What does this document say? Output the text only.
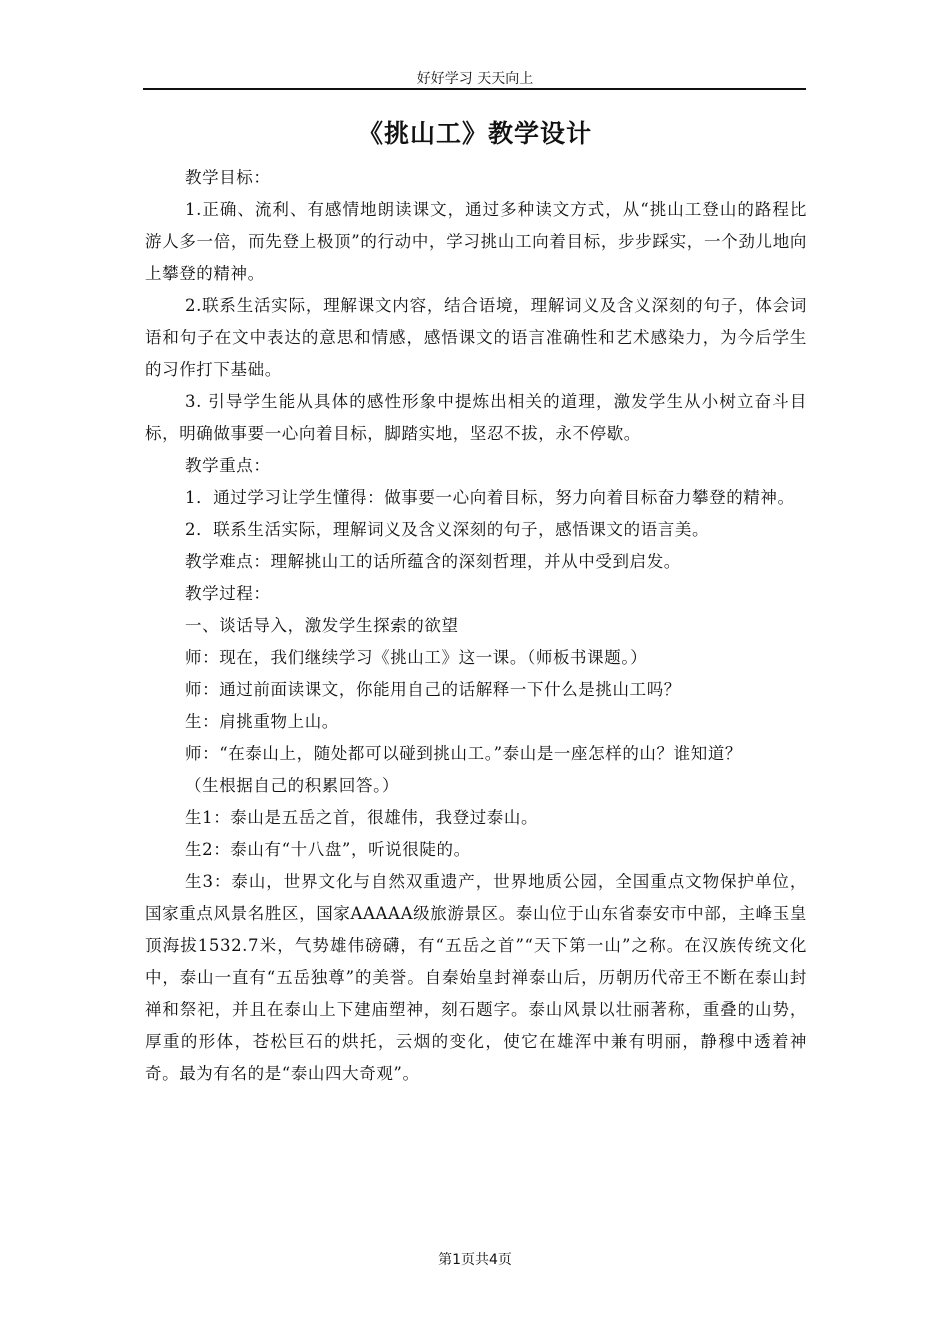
好好学习 天天向上
《挑山工》教学设计

教学目标：

1.正确、流利、有感情地朗读课文，通过多种读文方式，从“挑山工登山的路程比游人多一倍，而先登上极顶”的行动中，学习挑山工向着目标，步步踩实，一个劲儿地向上攀登的精神。

2.联系生活实际，理解课文内容，结合语境，理解词义及含义深刻的句子，体会词语和句子在文中表达的意思和情感，感悟课文的语言准确性和艺术感染力，为今后学生的习作打下基础。

3. 引导学生能从具体的感性形象中提炼出相关的道理，激发学生从小树立奋斗目标，明确做事要一心向着目标，脚踏实地，坚忍不拔，永不停歇。

教学重点：

1．通过学习让学生懂得：做事要一心向着目标，努力向着目标奋力攀登的精神。

2．联系生活实际，理解词义及含义深刻的句子，感悟课文的语言美。

教学难点：理解挑山工的话所蕴含的深刻哲理，并从中受到启发。

教学过程：

一、谈话导入，激发学生探索的欲望

师：现在，我们继续学习《挑山工》这一课。（师板书课题。）

师：通过前面读课文，你能用自己的话解释一下什么是挑山工吗？

生：肩挑重物上山。

师：“在泰山上，随处都可以碰到挑山工。”泰山是一座怎样的山？谁知道？

（生根据自己的积累回答。）

生1：泰山是五岳之首，很雄伟，我登过泰山。

生2：泰山有“十八盘”，听说很陡的。

生3：泰山，世界文化与自然双重遗产，世界地质公园，全国重点文物保护单位，国家重点风景名胜区，国家AAAAA级旅游景区。泰山位于山东省泰安市中部，主峰玉皇顶海拔1532.7米，气势雄伟磅礴，有“五岳之首”“天下第一山”之称。在汉族传统文化中，泰山一直有“五岳独尊”的美誉。自秦始皇封禅泰山后，历朝历代帝王不断在泰山封禅和祭祀，并且在泰山上下建庙塑神，刻石题字。泰山风景以壮丽著称，重叠的山势，厚重的形体，苍松巨石的烘托，云烟的变化，使它在雄浑中兼有明丽，静穆中透着神奇。最为有名的是“泰山四大奇观”。

第1页共4页
